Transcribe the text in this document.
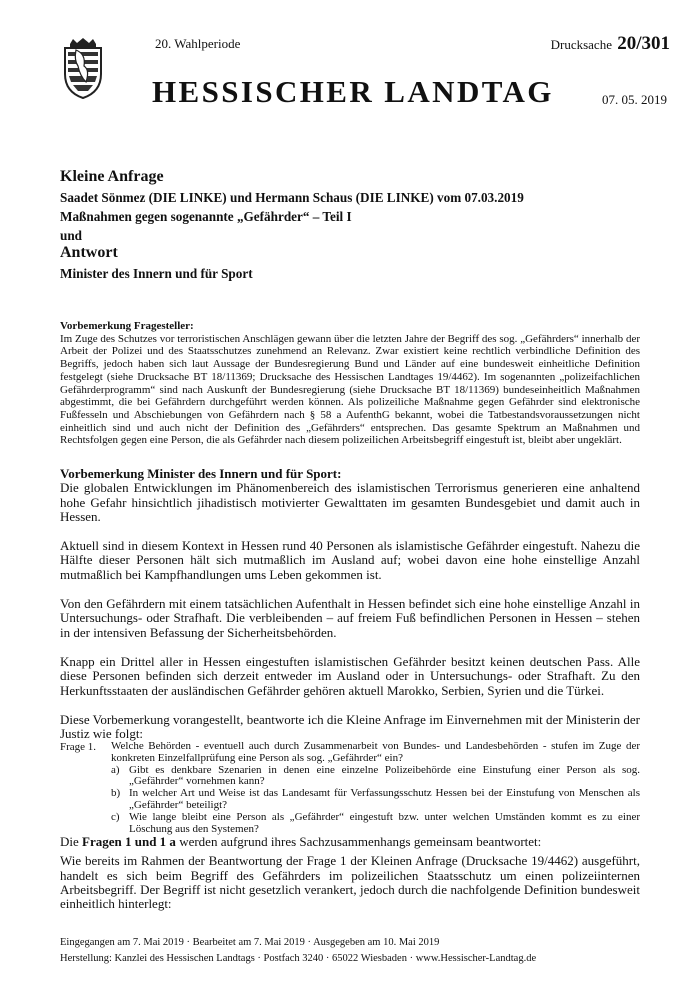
20. Wahlperiode
HESSISCHER LANDTAG
Drucksache 20/301
07. 05. 2019
Kleine Anfrage
Saadet Sönmez (DIE LINKE) und Hermann Schaus (DIE LINKE) vom 07.03.2019
Maßnahmen gegen sogenannte „Gefährder“ – Teil I
und
Antwort
Minister des Innern und für Sport
Vorbemerkung Fragesteller:
Im Zuge des Schutzes vor terroristischen Anschlägen gewann über die letzten Jahre der Begriff des sog. „Gefährders“ innerhalb der Arbeit der Polizei und des Staatsschutzes zunehmend an Relevanz. Zwar existiert keine rechtlich verbindliche Definition des Begriffs, jedoch haben sich laut Aussage der Bundesregierung Bund und Länder auf eine bundesweit einheitliche Definition festgelegt (siehe Drucksache BT 18/11369; Drucksache des Hessischen Landtages 19/4462). Im sogenannten „polizeifachlichen Gefährderprogramm“ sind nach Auskunft der Bundesregierung (siehe Drucksache BT 18/11369) bundeseinheitlich Maßnahmen abgestimmt, die bei Gefährdern durchgeführt werden können. Als polizeiliche Maßnahme gegen Gefährder sind elektronische Fußfesseln und Abschiebungen von Gefährdern nach § 58 a AufenthG bekannt, wobei die Tatbestandsvoraussetzungen nicht einheitlich sind und auch nicht der Definition des „Gefährders“ entsprechen. Das gesamte Spektrum an Maßnahmen und Rechtsfolgen gegen eine Person, die als Gefährder nach diesem polizeilichen Arbeitsbegriff eingestuft ist, bleibt aber ungeklärt.
Vorbemerkung Minister des Innern und für Sport:

Die globalen Entwicklungen im Phänomenbereich des islamistischen Terrorismus generieren eine anhaltend hohe Gefahr hinsichtlich jihadistisch motivierter Gewalttaten im gesamten Bundesgebiet und damit auch in Hessen.

Aktuell sind in diesem Kontext in Hessen rund 40 Personen als islamistische Gefährder eingestuft. Nahezu die Hälfte dieser Personen hält sich mutmaßlich im Ausland auf; wobei davon eine hohe einstellige Anzahl mutmaßlich bei Kampfhandlungen ums Leben gekommen ist.

Von den Gefährdern mit einem tatsächlichen Aufenthalt in Hessen befindet sich eine hohe einstellige Anzahl in Untersuchungs- oder Strafhaft. Die verbleibenden – auf freiem Fuß befindlichen Personen in Hessen – stehen in der intensiven Befassung der Sicherheitsbehörden.

Knapp ein Drittel aller in Hessen eingestuften islamistischen Gefährder besitzt keinen deutschen Pass. Alle diese Personen befinden sich derzeit entweder im Ausland oder in Untersuchungs- oder Strafhaft. Zu den Herkunftsstaaten der ausländischen Gefährder gehören aktuell Marokko, Serbien, Syrien und die Türkei.

Diese Vorbemerkung vorangestellt, beantworte ich die Kleine Anfrage im Einvernehmen mit der Ministerin der Justiz wie folgt:

Frage 1. Welche Behörden - eventuell auch durch Zusammenarbeit von Bundes- und Landesbehörden - stufen im Zuge der konkreten Einzelfallprüfung eine Person als sog. „Gefährder“ ein?
a) Gibt es denkbare Szenarien in denen eine einzelne Polizeibehörde eine Einstufung einer Person als sog. „Gefährder“ vornehmen kann?
b) In welcher Art und Weise ist das Landesamt für Verfassungsschutz Hessen bei der Einstufung von Menschen als „Gefährder“ beteiligt?
c) Wie lange bleibt eine Person als „Gefährder“ eingestuft bzw. unter welchen Umständen kommt es zu einer Löschung aus den Systemen?
Die Fragen 1 und 1 a werden aufgrund ihres Sachzusammenhangs gemeinsam beantwortet:
Wie bereits im Rahmen der Beantwortung der Frage 1 der Kleinen Anfrage (Drucksache 19/4462) ausgeführt, handelt es sich beim Begriff des Gefährders im polizeilichen Staatsschutz um einen polizeiinternen Arbeitsbegriff. Der Begriff ist nicht gesetzlich verankert, jedoch durch die nachfolgende Definition bundesweit einheitlich hinterlegt:
Eingegangen am 7. Mai 2019 · Bearbeitet am 7. Mai 2019 · Ausgegeben am 10. Mai 2019
Herstellung: Kanzlei des Hessischen Landtags · Postfach 3240 · 65022 Wiesbaden · www.Hessischer-Landtag.de
